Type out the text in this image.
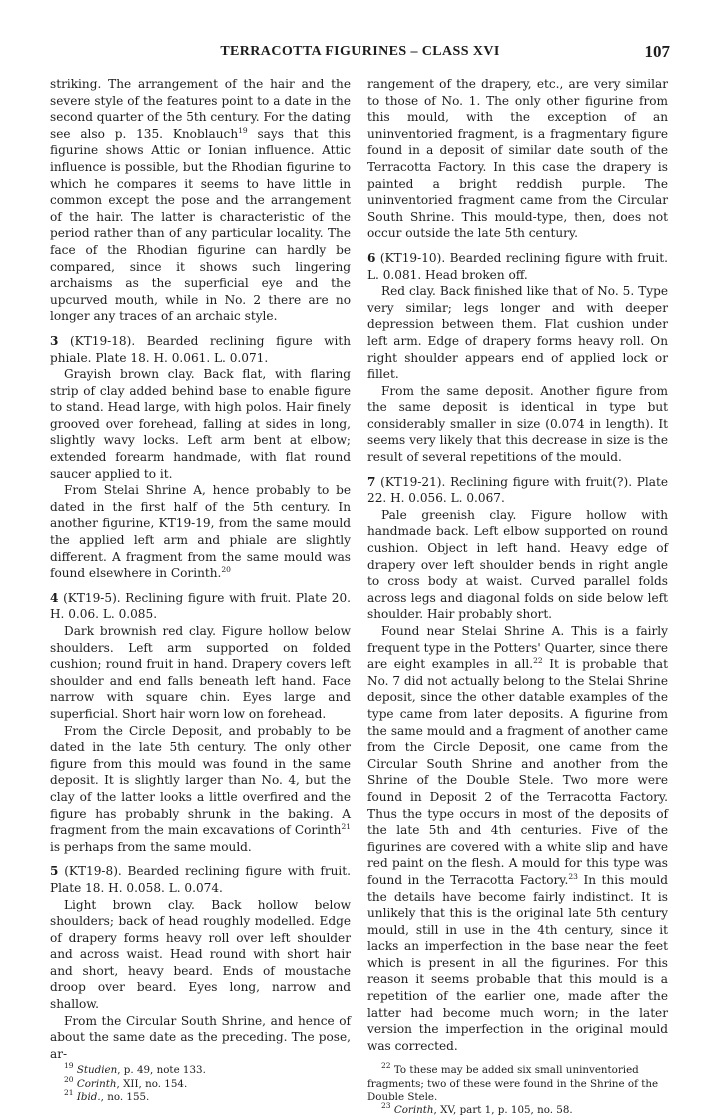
TERRACOTTA FIGURINES – CLASS XVI	107

striking. The arrangement of the hair and the severe style of the features point to a date in the second quarter of the 5th century. For the dating see also p. 135. Knoblauch$^{19}$ says that this figurine shows Attic or Ionian influence. Attic influence is possible, but the Rhodian figurine to which he compares it seems to have little in common except the pose and the arrangement of the hair. The latter is characteristic of the period rather than of any particular locality. The face of the Rhodian figurine can hardly be compared, since it shows such lingering archaisms as the superficial eye and the upcurved mouth, while in No. 2 there are no longer any traces of an archaic style.

3 (KT19-18). Bearded reclining figure with phiale. Plate 18. H. 0.061. L. 0.071.

Grayish brown clay. Back flat, with flaring strip of clay added behind base to enable figure to stand. Head large, with high polos. Hair finely grooved over forehead, falling at sides in long, slightly wavy locks. Left arm bent at elbow; extended forearm handmade, with flat round saucer applied to it.

From Stelai Shrine A, hence probably to be dated in the first half of the 5th century. In another figurine, KT19-19, from the same mould the applied left arm and phiale are slightly different. A fragment from the same mould was found elsewhere in Corinth.$^{20}$

4 (KT19-5). Reclining figure with fruit. Plate 20. H. 0.06. L. 0.085.

Dark brownish red clay. Figure hollow below shoulders. Left arm supported on folded cushion; round fruit in hand. Drapery covers left shoulder and end falls beneath left hand. Face narrow with square chin. Eyes large and superficial. Short hair worn low on forehead.

From the Circle Deposit, and probably to be dated in the late 5th century. The only other figure from this mould was found in the same deposit. It is slightly larger than No. 4, but the clay of the latter looks a little overfired and the figure has probably shrunk in the baking. A fragment from the main excavations of Corinth$^{21}$ is perhaps from the same mould.

5 (KT19-8). Bearded reclining figure with fruit. Plate 18. H. 0.058. L. 0.074.

Light brown clay. Back hollow below shoulders; back of head roughly modelled. Edge of drapery forms heavy roll over left shoulder and across waist. Head round with short hair and short, heavy beard. Ends of moustache droop over beard. Eyes long, narrow and shallow.

From the Circular South Shrine, and hence of about the same date as the preceding. The pose, ar-

$^{19}$ Studien, p. 49, note 133.

$^{20}$ Corinth, XII, no. 154.

$^{21}$ Ibid., no. 155.

rangement of the drapery, etc., are very similar to those of No. 1. The only other figurine from this mould, with the exception of an uninventoried fragment, is a fragmentary figure found in a deposit of similar date south of the Terracotta Factory. In this case the drapery is painted a bright reddish purple. The uninventoried fragment came from the Circular South Shrine. This mould-type, then, does not occur outside the late 5th century.

6 (KT19-10). Bearded reclining figure with fruit. L. 0.081. Head broken off.

Red clay. Back finished like that of No. 5. Type very similar; legs longer and with deeper depression between them. Flat cushion under left arm. Edge of drapery forms heavy roll. On right shoulder appears end of applied lock or fillet.

From the same deposit. Another figure from the same deposit is identical in type but considerably smaller in size (0.074 in length). It seems very likely that this decrease in size is the result of several repetitions of the mould.

7 (KT19-21). Reclining figure with fruit(?). Plate 22. H. 0.056. L. 0.067.

Pale greenish clay. Figure hollow with handmade back. Left elbow supported on round cushion. Object in left hand. Heavy edge of drapery over left shoulder bends in right angle to cross body at waist. Curved parallel folds across legs and diagonal folds on side below left shoulder. Hair probably short.

Found near Stelai Shrine A. This is a fairly frequent type in the Potters' Quarter, since there are eight examples in all.$^{22}$ It is probable that No. 7 did not actually belong to the Stelai Shrine deposit, since the other datable examples of the type came from later deposits. A figurine from the same mould and a fragment of another came from the Circle Deposit, one came from the Circular South Shrine and another from the Shrine of the Double Stele. Two more were found in Deposit 2 of the Terracotta Factory. Thus the type occurs in most of the deposits of the late 5th and 4th centuries. Five of the figurines are covered with a white slip and have red paint on the flesh. A mould for this type was found in the Terracotta Factory.$^{23}$ In this mould the details have become fairly indistinct. It is unlikely that this is the original late 5th century mould, still in use in the 4th century, since it lacks an imperfection in the base near the feet which is present in all the figurines. For this reason it seems probable that this mould is a repetition of the earlier one, made after the latter had become much worn; in the later version the imperfection in the original mould was corrected.

$^{22}$ To these may be added six small uninventoried fragments; two of these were found in the Shrine of the Double Stele.

$^{23}$ Corinth, XV, part 1, p. 105, no. 58.
